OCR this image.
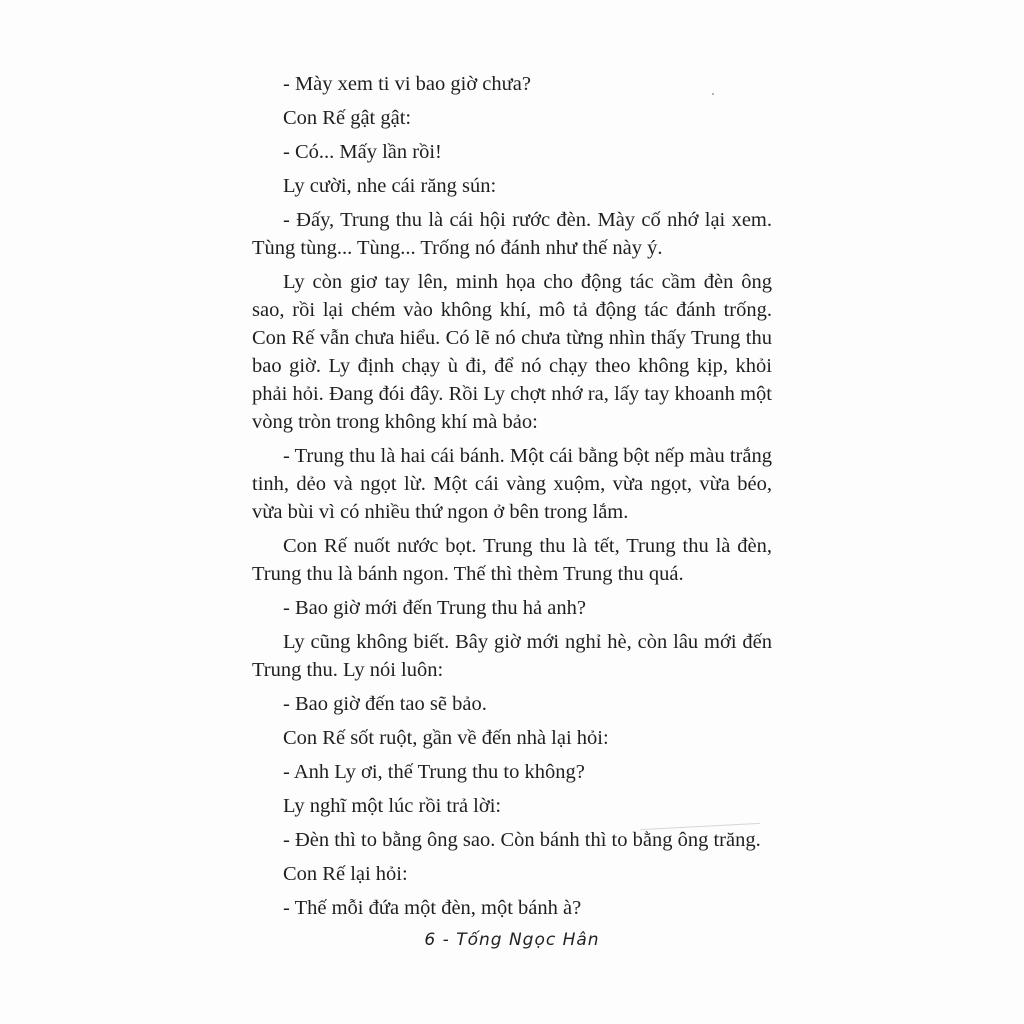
- Mày xem ti vi bao giờ chưa?

Con Rế gật gật:

- Có... Mấy lần rồi!

Ly cười, nhe cái răng sún:

- Đấy, Trung thu là cái hội rước đèn. Mày cố nhớ lại xem. Tùng tùng... Tùng... Trống nó đánh như thế này ý.

Ly còn giơ tay lên, minh họa cho động tác cầm đèn ông sao, rồi lại chém vào không khí, mô tả động tác đánh trống. Con Rế vẫn chưa hiểu. Có lẽ nó chưa từng nhìn thấy Trung thu bao giờ. Ly định chạy ù đi, để nó chạy theo không kịp, khỏi phải hỏi. Đang đói đây. Rồi Ly chợt nhớ ra, lấy tay khoanh một vòng tròn trong không khí mà bảo:

- Trung thu là hai cái bánh. Một cái bằng bột nếp màu trắng tinh, dẻo và ngọt lừ. Một cái vàng xuộm, vừa ngọt, vừa béo, vừa bùi vì có nhiều thứ ngon ở bên trong lắm.

Con Rế nuốt nước bọt. Trung thu là tết, Trung thu là đèn, Trung thu là bánh ngon. Thế thì thèm Trung thu quá.

- Bao giờ mới đến Trung thu hả anh?

Ly cũng không biết. Bây giờ mới nghỉ hè, còn lâu mới đến Trung thu. Ly nói luôn:

- Bao giờ đến tao sẽ bảo.

Con Rế sốt ruột, gần về đến nhà lại hỏi:

- Anh Ly ơi, thế Trung thu to không?

Ly nghĩ một lúc rồi trả lời:

- Đèn thì to bằng ông sao. Còn bánh thì to bằng ông trăng.

Con Rế lại hỏi:

- Thế mỗi đứa một đèn, một bánh à?

6 - Tống Ngọc Hân
